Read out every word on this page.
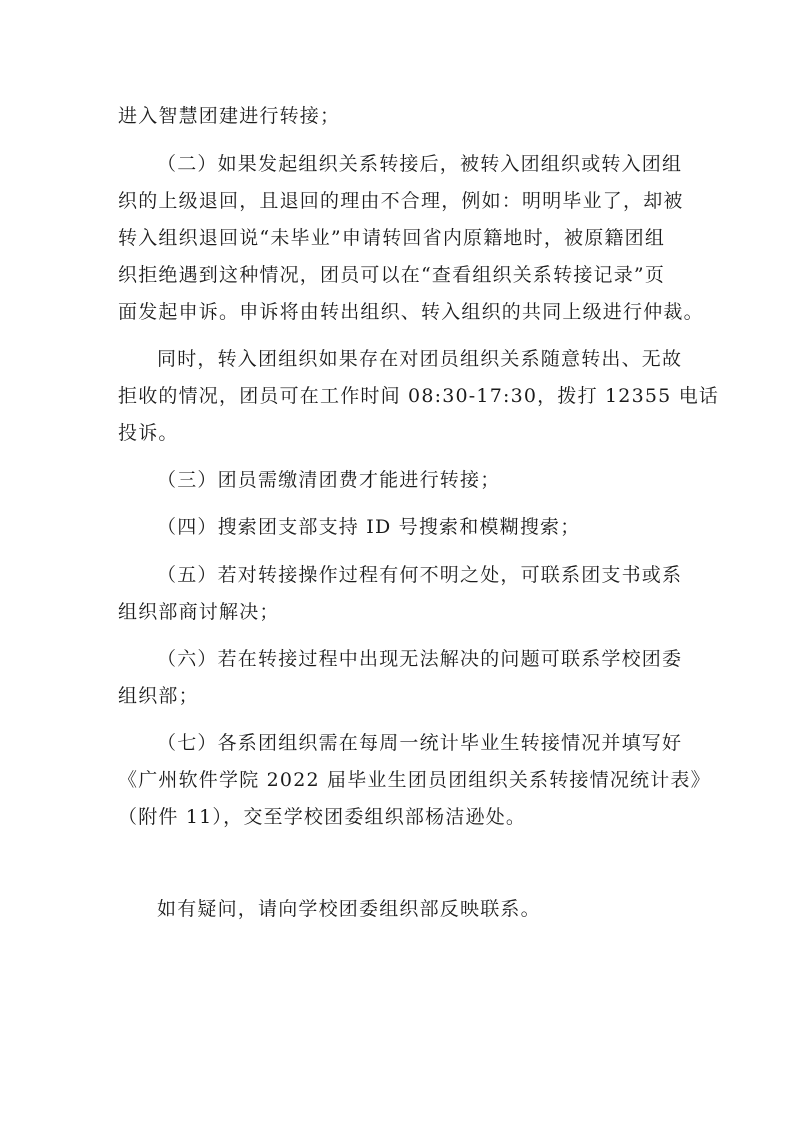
进入智慧团建进行转接；
（二）如果发起组织关系转接后，被转入团组织或转入团组
织的上级退回，且退回的理由不合理，例如：明明毕业了，却被
转入组织退回说“未毕业”申请转回省内原籍地时，被原籍团组
织拒绝遇到这种情况，团员可以在“查看组织关系转接记录”页
面发起申诉。申诉将由转出组织、转入组织的共同上级进行仲裁。
同时，转入团组织如果存在对团员组织关系随意转出、无故
拒收的情况，团员可在工作时间 08:30-17:30，拨打 12355 电话
投诉。
（三）团员需缴清团费才能进行转接；
（四）搜索团支部支持 ID 号搜索和模糊搜索；
（五）若对转接操作过程有何不明之处，可联系团支书或系
组织部商讨解决；
（六）若在转接过程中出现无法解决的问题可联系学校团委
组织部；
（七）各系团组织需在每周一统计毕业生转接情况并填写好
《广州软件学院 2022 届毕业生团员团组织关系转接情况统计表》
（附件 11），交至学校团委组织部杨洁逊处。
如有疑问，请向学校团委组织部反映联系。
